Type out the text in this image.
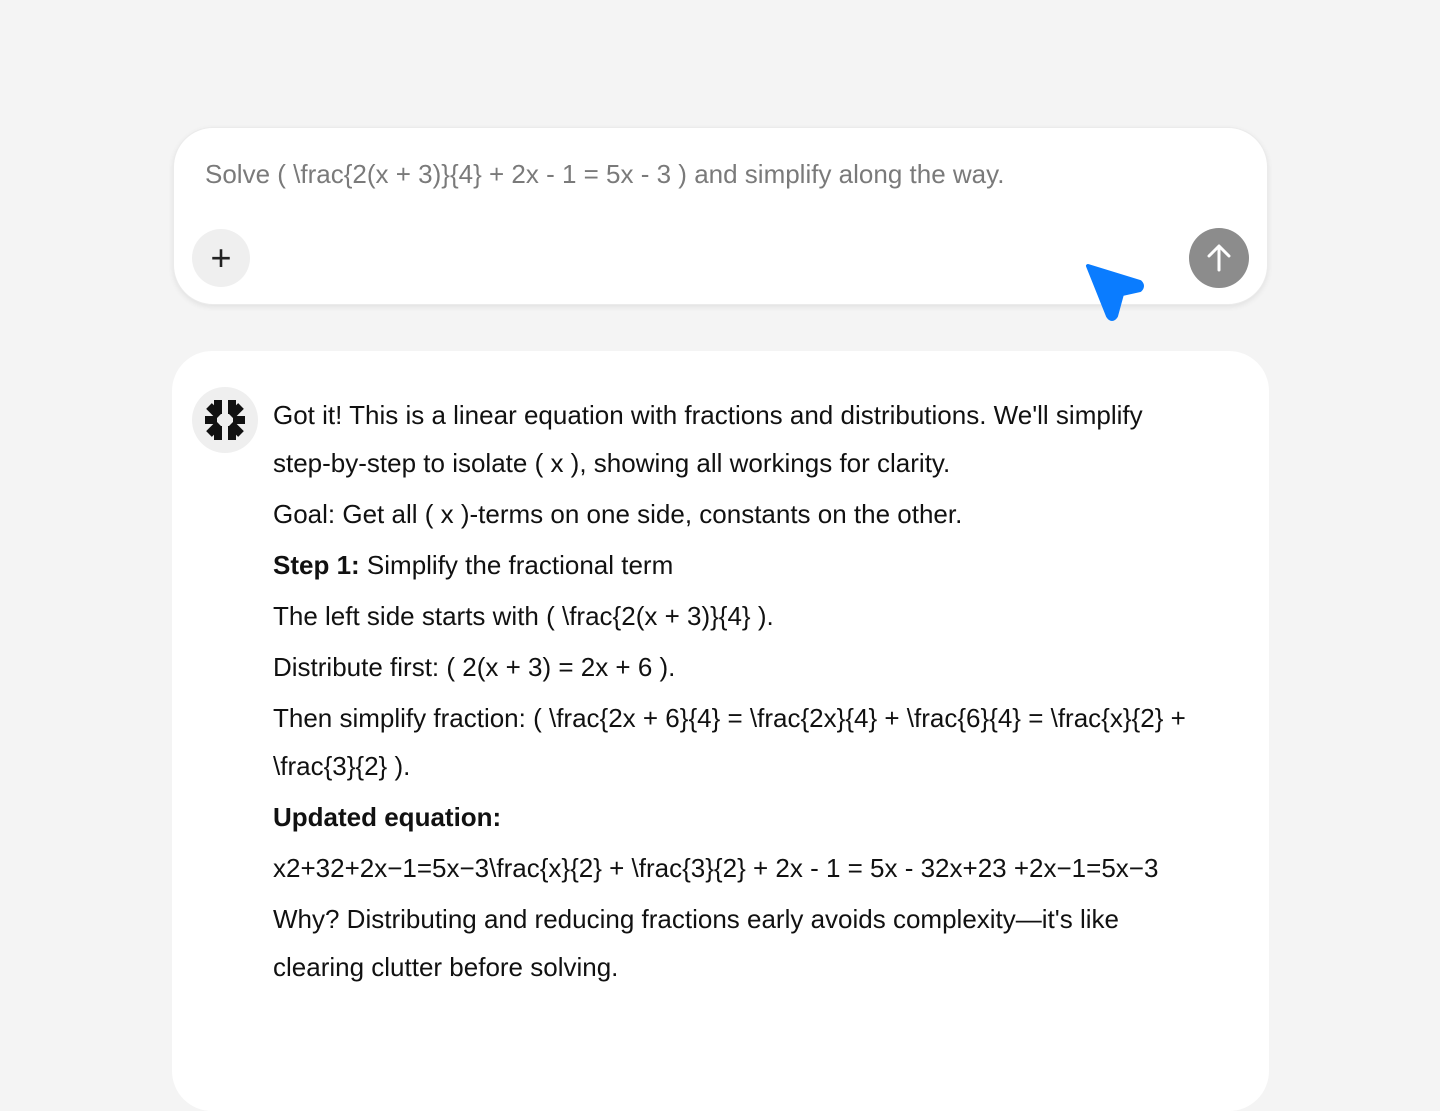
Solve ( \frac{2(x + 3)}{4} + 2x - 1 = 5x - 3 ) and simplify along the way.
+

Got it! This is a linear equation with fractions and distributions. We'll simplify step-by-step to isolate ( x ), showing all workings for clarity.

Goal: Get all ( x )-terms on one side, constants on the other.

Step 1: Simplify the fractional term

The left side starts with ( \frac{2(x + 3)}{4} ).

Distribute first: ( 2(x + 3) = 2x + 6 ).

Then simplify fraction: ( \frac{2x + 6}{4} = \frac{2x}{4} + \frac{6}{4} = \frac{x}{2} + \frac{3}{2} ).

Updated equation:

x2+32+2x−1=5x−3\frac{x}{2} + \frac{3}{2} + 2x - 1 = 5x - 32x+23 +2x−1=5x−3

Why? Distributing and reducing fractions early avoids complexity—it's like clearing clutter before solving.
